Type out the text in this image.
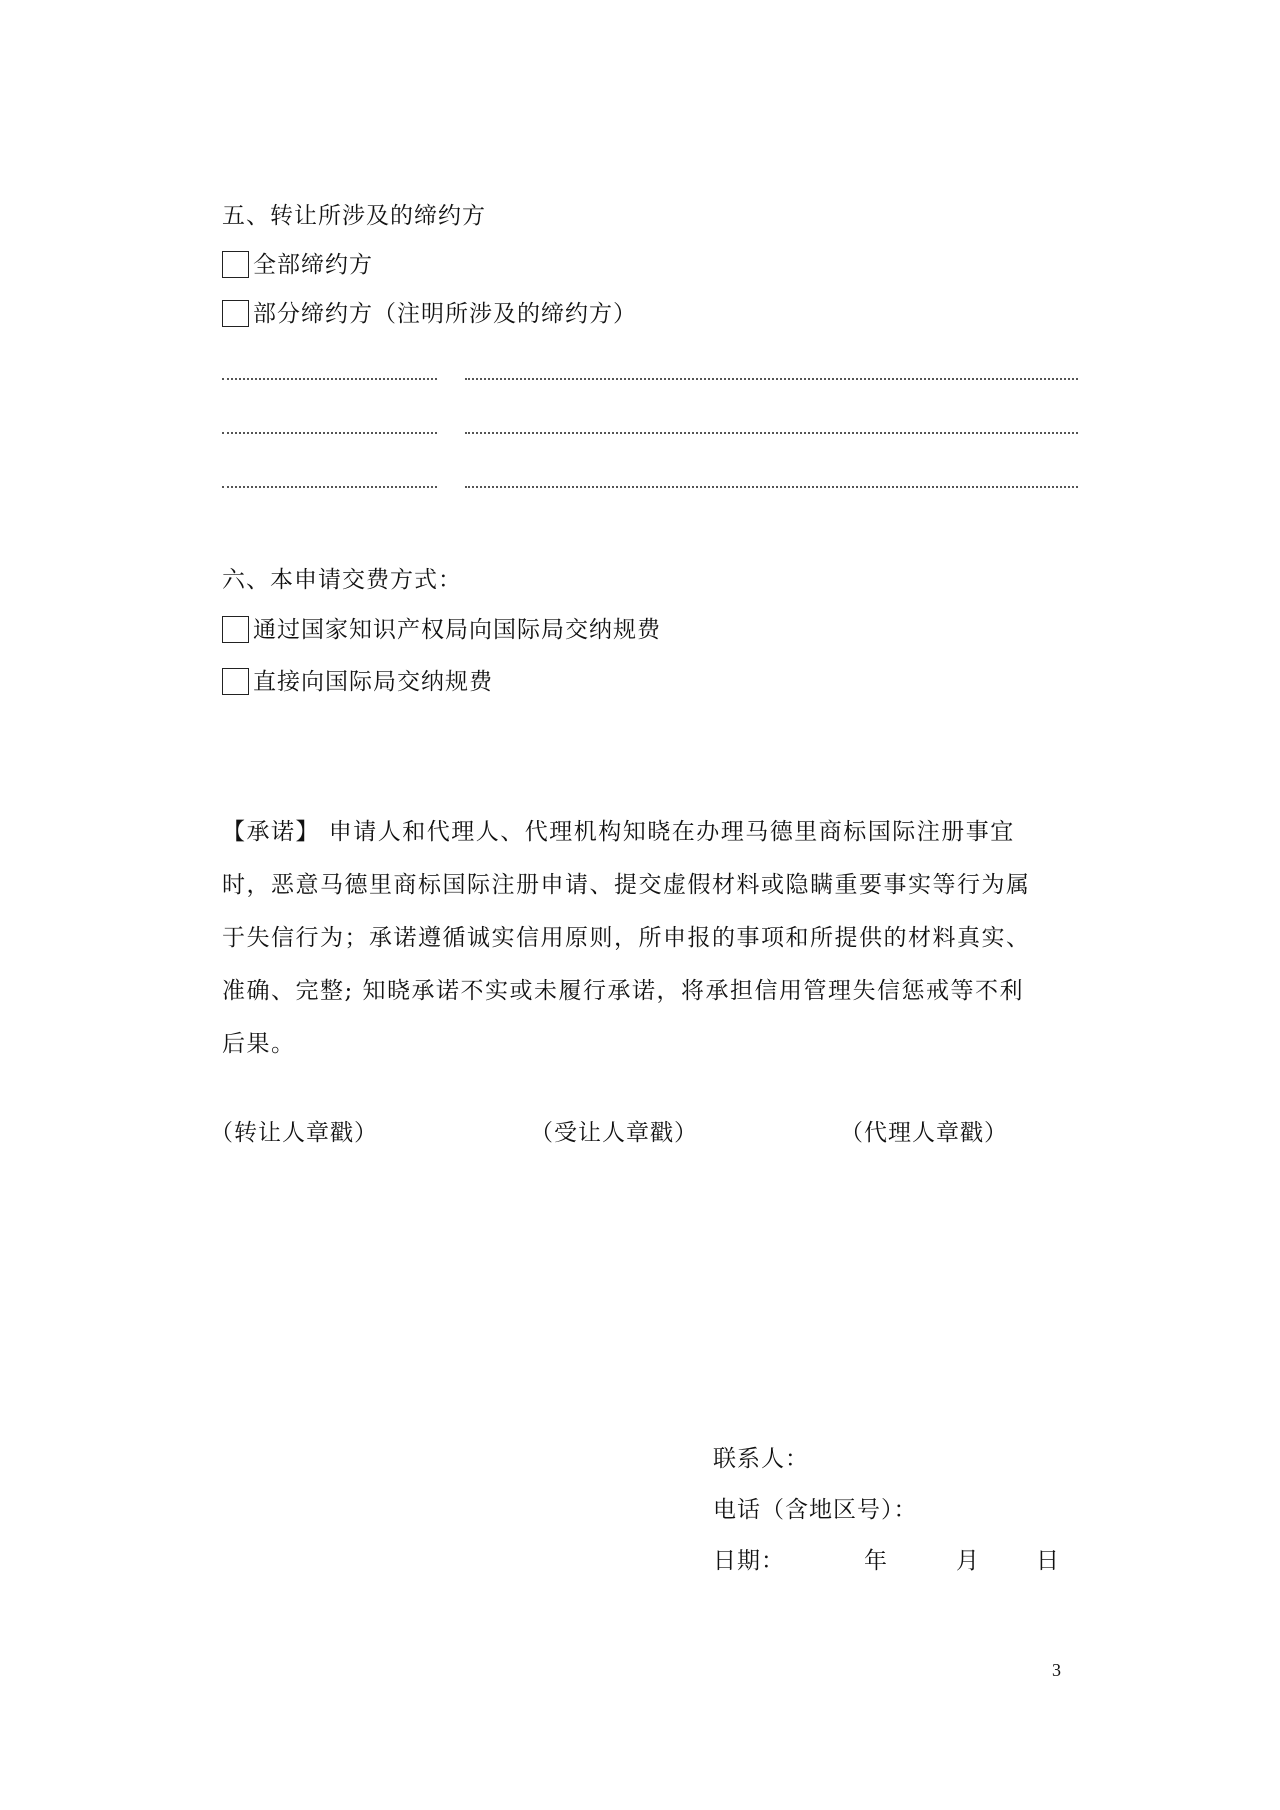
五、转让所涉及的缔约方
全部缔约方
部分缔约方（注明所涉及的缔约方）
六、本申请交费方式：
通过国家知识产权局向国际局交纳规费
直接向国际局交纳规费
【承诺】 申请人和代理人、代理机构知晓在办理马德里商标国际注册事宜
时，恶意马德里商标国际注册申请、提交虚假材料或隐瞒重要事实等行为属
于失信行为；承诺遵循诚实信用原则，所申报的事项和所提供的材料真实、
准确、完整; 知晓承诺不实或未履行承诺，将承担信用管理失信惩戒等不利
后果。
（转让人章戳）	（受让人章戳）	（代理人章戳）
联系人：
电话（含地区号）：
日期：	年	月 日
3
